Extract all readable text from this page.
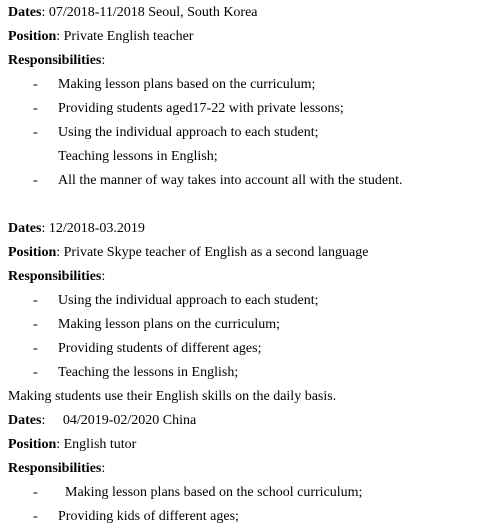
Dates: 07/2018-11/2018 Seoul, South Korea
Position: Private English teacher
Responsibilities:
- Making lesson plans based on the curriculum;
- Providing students aged17-22 with private lessons;
- Using the individual approach to each student;
Teaching lessons in English;
- All the manner of way takes into account all with the student.
Dates: 12/2018-03.2019
Position: Private Skype teacher of English as a second language
Responsibilities:
- Using the individual approach to each student;
- Making lesson plans on the curriculum;
- Providing students of different ages;
- Teaching the lessons in English;
Making students use their English skills on the daily basis.
Dates:     04/2019-02/2020 China
Position: English tutor
Responsibilities:
- Making lesson plans based on the school curriculum;
- Providing kids of different ages;
